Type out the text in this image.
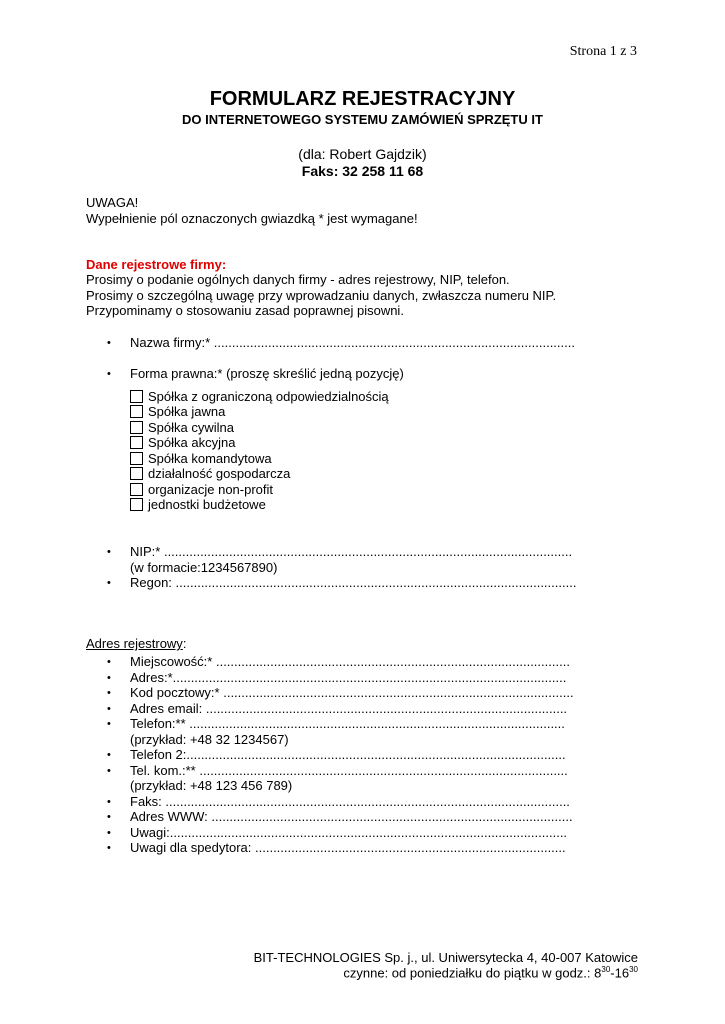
Strona 1 z 3
FORMULARZ REJESTRACYJNY
DO INTERNETOWEGO SYSTEMU ZAMÓWIEŃ SPRZĘTU IT
(dla: Robert Gajdzik)
Faks: 32 258 11 68
UWAGA!
Wypełnienie pól oznaczonych gwiazdką * jest wymagane!
Dane rejestrowe firmy:
Prosimy o podanie ogólnych danych firmy - adres rejestrowy, NIP, telefon.
Prosimy o szczególną uwagę przy wprowadzaniu danych, zwłaszcza numeru NIP.
Przypominamy o stosowaniu zasad poprawnej pisowni.
• Nazwa firmy:* ....................................................................................................
• Forma prawna:* (proszę skreślić jedną pozycję)
Spółka z ograniczoną odpowiedzialnością
Spółka jawna
Spółka cywilna
Spółka akcyjna
Spółka komandytowa
działalność gospodarcza
organizacje non-profit
jednostki budżetowe
• NIP:* .................................................................................................................
(w formacie:1234567890)
• Regon: ...............................................................................................................
Adres rejestrowy:
• Miejscowość:* ..................................................................................................
• Adres:*.............................................................................................................
• Kod pocztowy:* .................................................................................................
• Adres email: ....................................................................................................
• Telefon:** ........................................................................................................
(przykład: +48 32 1234567)
• Telefon 2:.........................................................................................................
• Tel. kom.:** ......................................................................................................
(przykład: +48 123 456 789)
• Faks: ................................................................................................................
• Adres WWW: ....................................................................................................
• Uwagi:..............................................................................................................
• Uwagi dla spedytora: ......................................................................................
BIT-TECHNOLOGIES Sp. j., ul. Uniwersytecka 4, 40-007 Katowice
czynne: od poniedziałku do piątku w godz.: $8^{30}-16^{30}$
